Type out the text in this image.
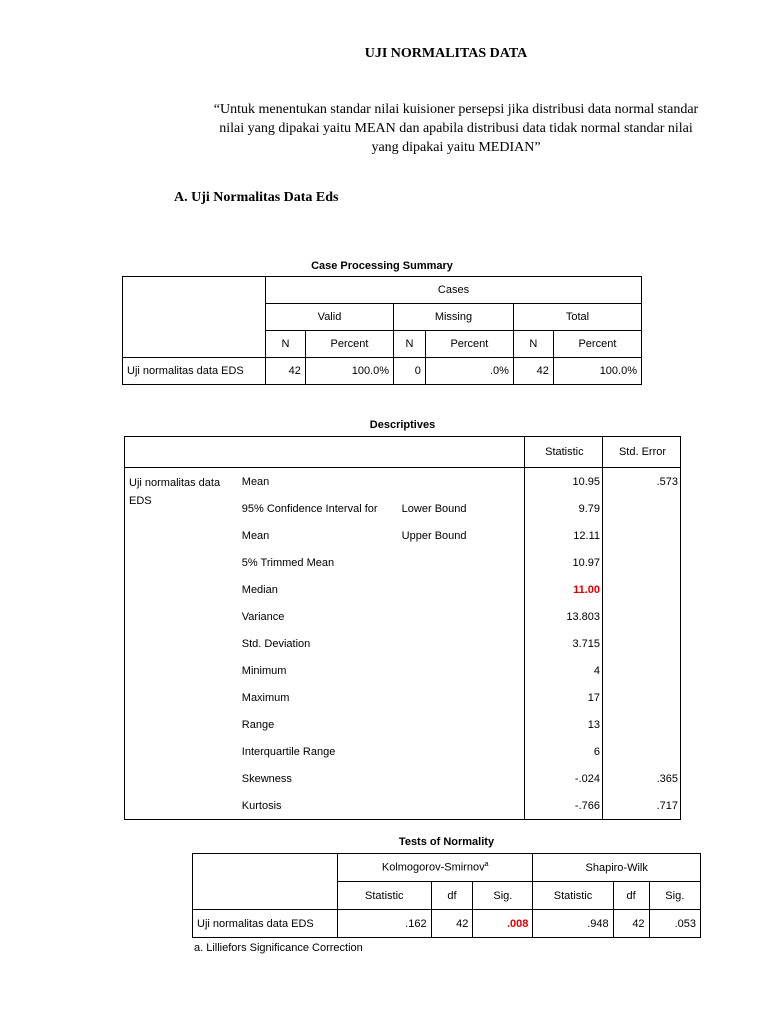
UJI NORMALITAS DATA
“Untuk menentukan standar nilai kuisioner persepsi jika distribusi data normal standar
nilai yang dipakai yaitu MEAN dan apabila distribusi data tidak normal standar nilai
yang dipakai yaitu MEDIAN”
A. Uji Normalitas Data Eds
Case Processing Summary
	Cases					
	Valid		Missing		Total	
	N	Percent	N	Percent	N	Percent
Uji normalitas data EDS	42	100.0%	0	.0%	42	100.0%
Descriptives
			Statistic	Std. Error

Uji normalitas data
EDS	Mean		10.95	.573
	95% Confidence Interval for	Lower Bound	9.79	
	Mean	Upper Bound	12.11	
	5% Trimmed Mean		10.97	
	Median		11.00	
	Variance		13.803	
	Std. Deviation		3.715	
	Minimum		4	
	Maximum		17	
	Range		13	
	Interquartile Range		6	
	Skewness		-.024	.365
	Kurtosis		-.766	.717
Tests of Normality
	Kolmogorov-Smirnov$^a$			Shapiro-Wilk		
	Statistic	df	Sig.	Statistic	df	Sig.
Uji normalitas data EDS	.162	42	.008	.948	42	.053
a. Lilliefors Significance Correction
